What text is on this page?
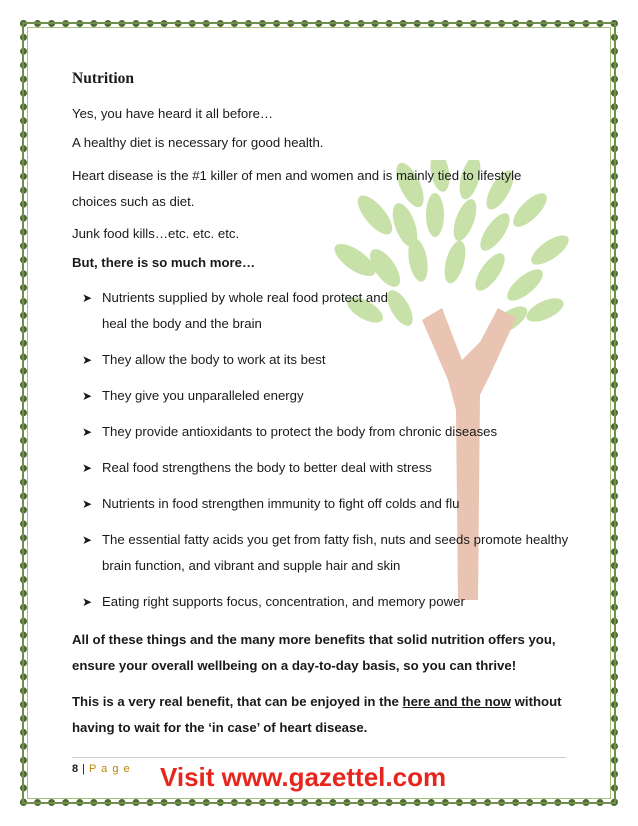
Nutrition

Yes, you have heard it all before…

A healthy diet is necessary for good health.

Heart disease is the #1 killer of men and women and is mainly tied to lifestyle choices such as diet.

Junk food kills…etc. etc. etc.

But, there is so much more…

➤ Nutrients supplied by whole real food protect and heal the body and the brain
➤ They allow the body to work at its best
➤ They give you unparalleled energy
➤ They provide antioxidants to protect the body from chronic diseases
➤ Real food strengthens the body to better deal with stress
➤ Nutrients in food strengthen immunity to fight off colds and flu
➤ The essential fatty acids you get from fatty fish, nuts and seeds promote healthy brain function, and vibrant and supple hair and skin
➤ Eating right supports focus, concentration, and memory power

All of these things and the many more benefits that solid nutrition offers you, ensure your overall wellbeing on a day-to-day basis, so you can thrive!

This is a very real benefit, that can be enjoyed in the here and the now without having to wait for the ‘in case’ of heart disease.

8 | P a g e Visit www.gazettel.com
